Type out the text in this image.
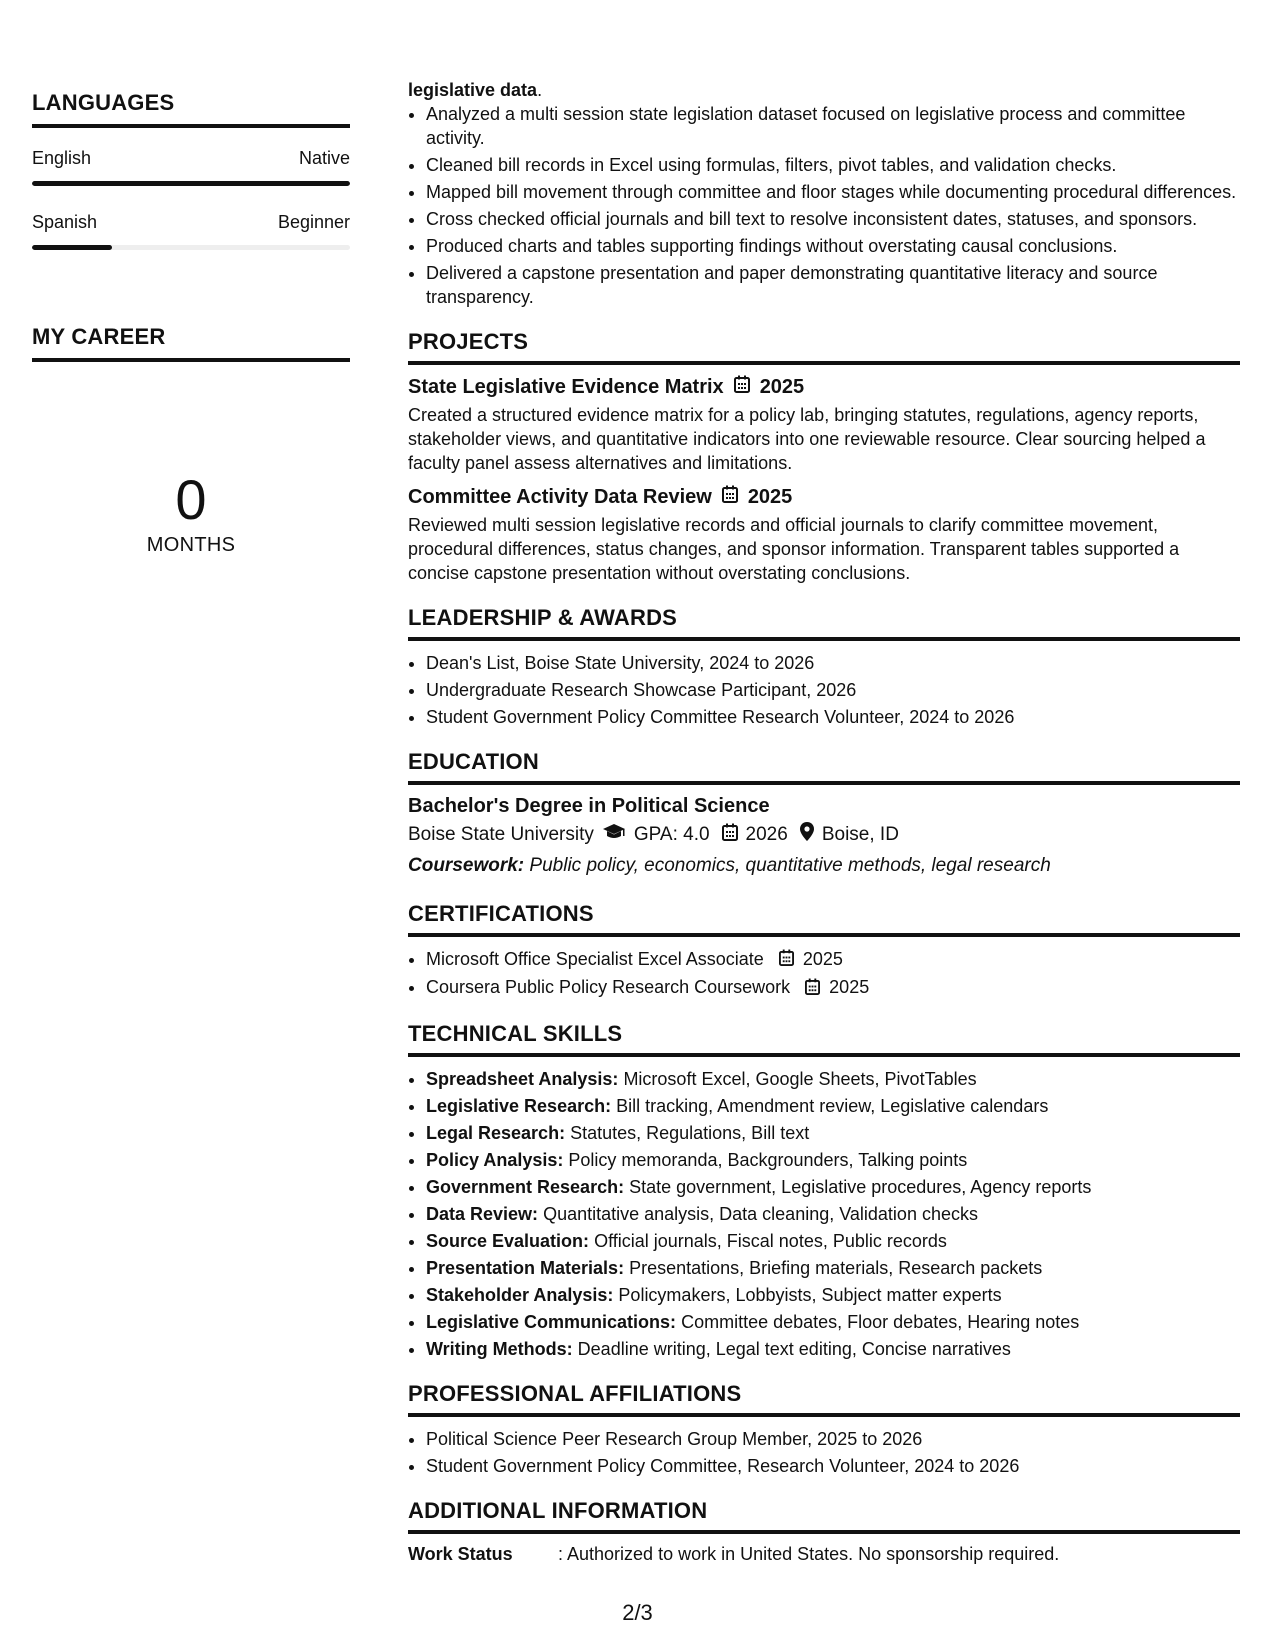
LANGUAGES
English	Native
Spanish	Beginner
MY CAREER
0
MONTHS

legislative data.

• Analyzed a multi session state legislation dataset focused on legislative process and committee activity.
• Cleaned bill records in Excel using formulas, filters, pivot tables, and validation checks.
• Mapped bill movement through committee and floor stages while documenting procedural differences.
• Cross checked official journals and bill text to resolve inconsistent dates, statuses, and sponsors.
• Produced charts and tables supporting findings without overstating causal conclusions.
• Delivered a capstone presentation and paper demonstrating quantitative literacy and source transparency.
PROJECTS
State Legislative Evidence Matrix 2025

Created a structured evidence matrix for a policy lab, bringing statutes, regulations, agency reports, stakeholder views, and quantitative indicators into one reviewable resource. Clear sourcing helped a faculty panel assess alternatives and limitations.

Committee Activity Data Review 2025

Reviewed multi session legislative records and official journals to clarify committee movement, procedural differences, status changes, and sponsor information. Transparent tables supported a concise capstone presentation without overstating conclusions.

LEADERSHIP & AWARDS
• Dean's List, Boise State University, 2024 to 2026
• Undergraduate Research Showcase Participant, 2026
• Student Government Policy Committee Research Volunteer, 2024 to 2026
EDUCATION
Bachelor's Degree in Political Science
Boise State University GPA: 4.0 2026 Boise, ID
Coursework: Public policy, economics, quantitative methods, legal research
CERTIFICATIONS
• Microsoft Office Specialist Excel Associate 2025
• Coursera Public Policy Research Coursework 2025
TECHNICAL SKILLS
• Spreadsheet Analysis: Microsoft Excel, Google Sheets, PivotTables
• Legislative Research: Bill tracking, Amendment review, Legislative calendars
• Legal Research: Statutes, Regulations, Bill text
• Policy Analysis: Policy memoranda, Backgrounders, Talking points
• Government Research: State government, Legislative procedures, Agency reports
• Data Review: Quantitative analysis, Data cleaning, Validation checks
• Source Evaluation: Official journals, Fiscal notes, Public records
• Presentation Materials: Presentations, Briefing materials, Research packets
• Stakeholder Analysis: Policymakers, Lobbyists, Subject matter experts
• Legislative Communications: Committee debates, Floor debates, Hearing notes
• Writing Methods: Deadline writing, Legal text editing, Concise narratives
PROFESSIONAL AFFILIATIONS
• Political Science Peer Research Group Member, 2025 to 2026
• Student Government Policy Committee, Research Volunteer, 2024 to 2026
ADDITIONAL INFORMATION
Work Status	: Authorized to work in United States. No sponsorship required.
2/3
